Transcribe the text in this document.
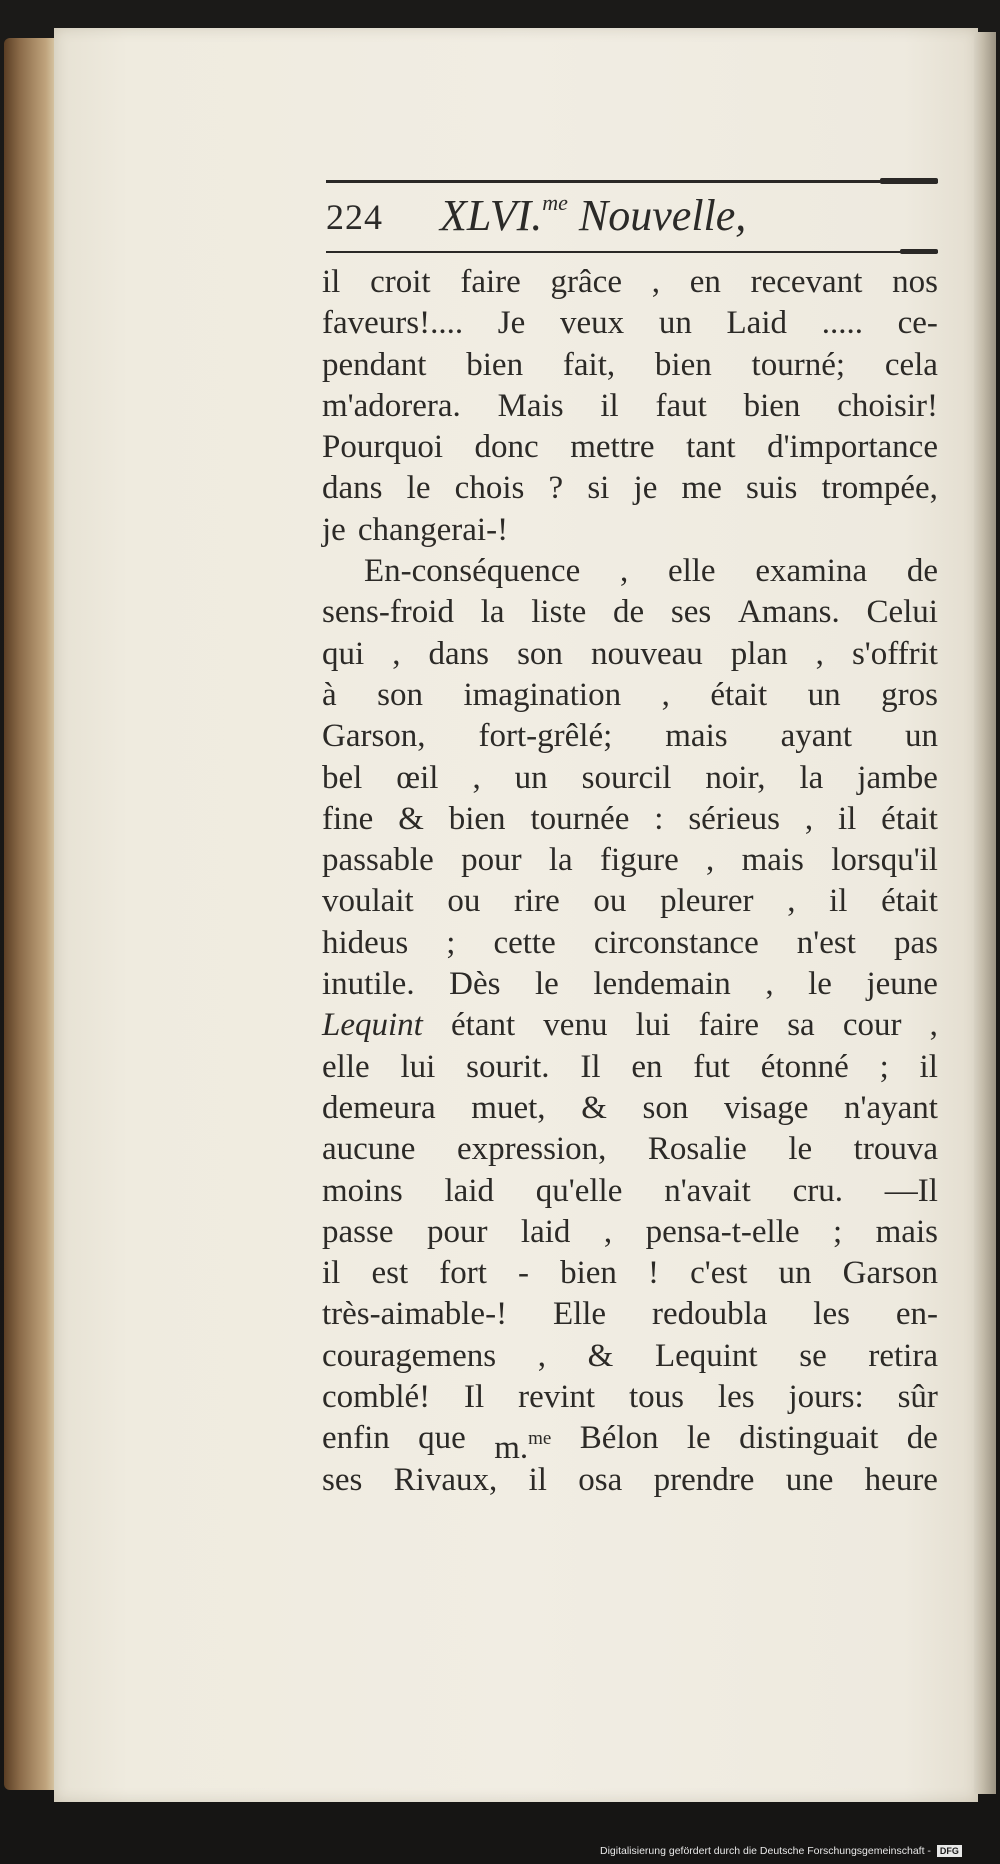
224 XLVI.$^{me}$ Nouvelle,
il croit faire grâce , en recevant nos
faveurs!.... Je veux un Laid ..... ce-
pendant bien fait, bien tourné; cela
m'adorera. Mais il faut bien choisir!
Pourquoi donc mettre tant d'importance
dans le chois ? si je me suis trompée,
je changerai-!
En-conséquence , elle examina de
sens-froid la liste de ses Amans. Celui
qui , dans son nouveau plan , s'offrit
à son imagination , était un gros
Garson, fort-grêlé; mais ayant un
bel œil , un sourcil noir, la jambe
fine & bien tournée : sérieus , il était
passable pour la figure , mais lorsqu'il
voulait ou rire ou pleurer , il était
hideus ; cette circonstance n'est pas
inutile. Dès le lendemain , le jeune
Lequint étant venu lui faire sa cour ,
elle lui sourit. Il en fut étonné ; il
demeura muet, & son visage n'ayant
aucune expression, Rosalie le trouva
moins laid qu'elle n'avait cru. —Il
passe pour laid , pensa-t-elle ; mais
il est fort - bien ! c'est un Garson
très-aimable-! Elle redoubla les en-
couragemens , & Lequint se retira
comblé! Il revint tous les jours: sûr
enfin que m.$^{me}$ Bélon le distinguait de
ses Rivaux, il osa prendre une heure
Digitalisierung gefördert durch die Deutsche Forschungsgemeinschaft - DFG
